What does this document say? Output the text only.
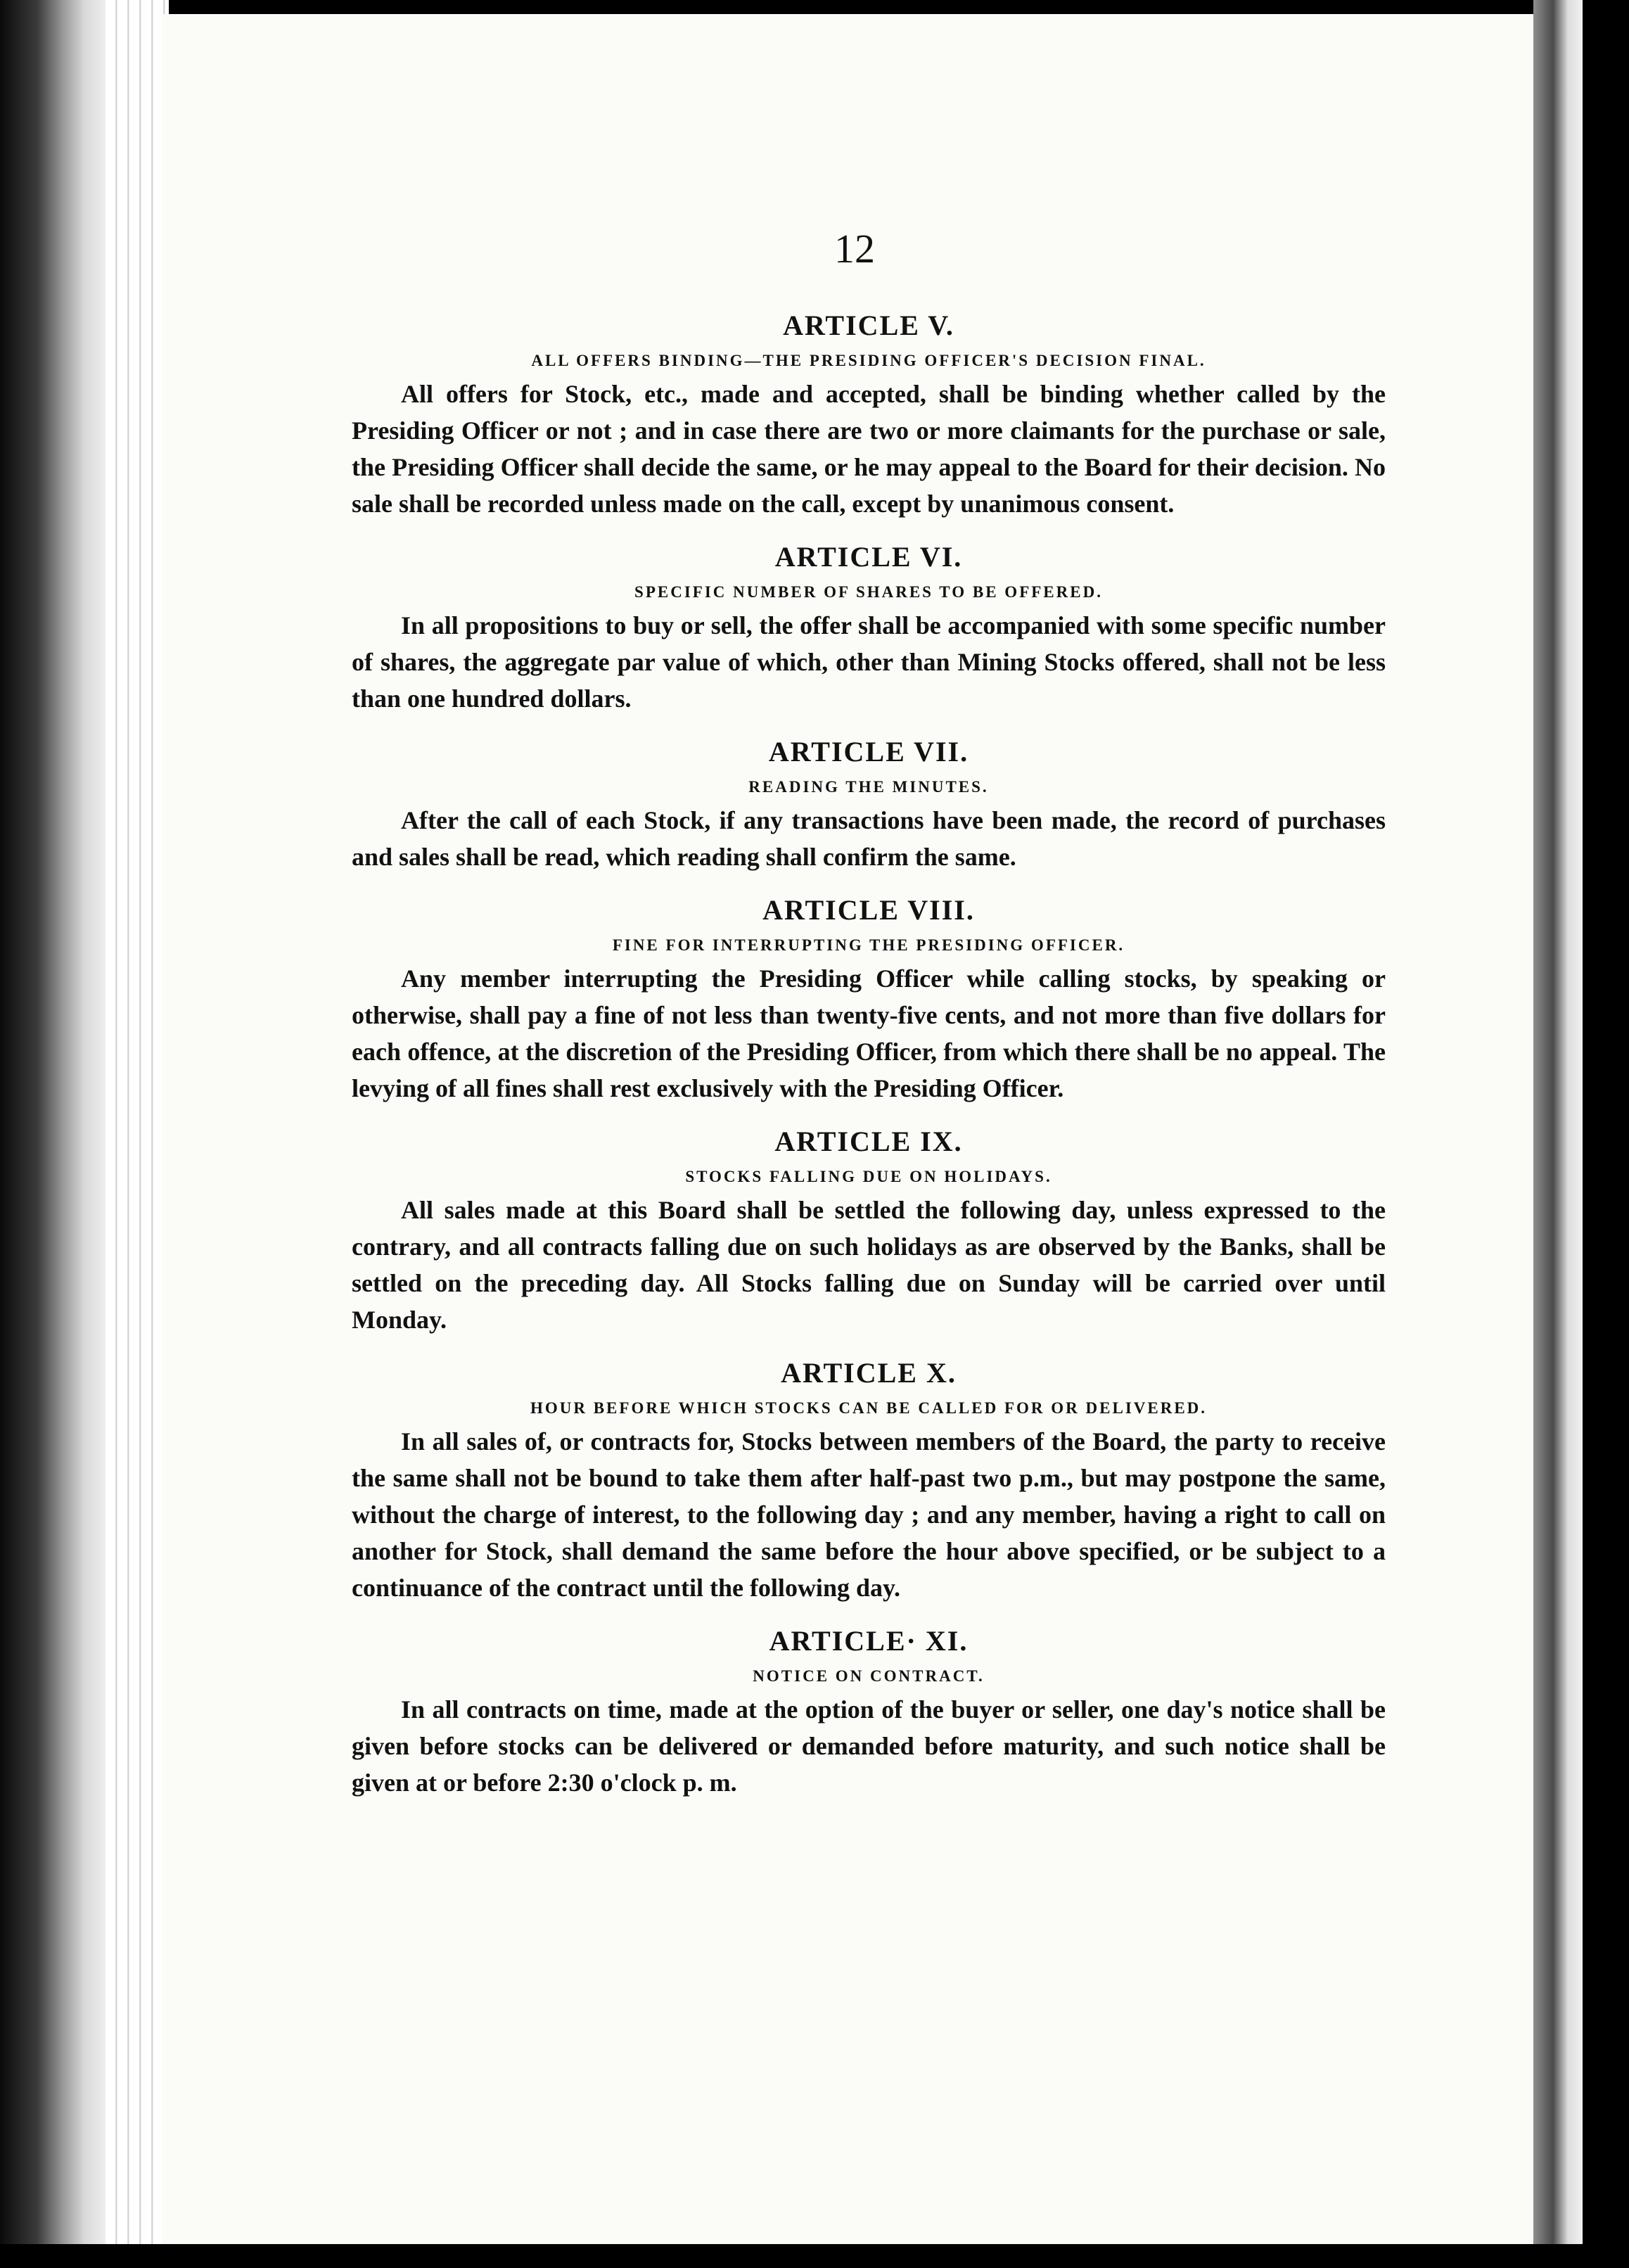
12
ARTICLE V.
ALL OFFERS BINDING—THE PRESIDING OFFICER'S DECISION FINAL.

All offers for Stock, etc., made and accepted, shall be binding whether called by the Presiding Officer or not ; and in case there are two or more claimants for the purchase or sale, the Presiding Officer shall decide the same, or he may appeal to the Board for their decision. No sale shall be recorded unless made on the call, except by unanimous consent.

ARTICLE VI.
SPECIFIC NUMBER OF SHARES TO BE OFFERED.

In all propositions to buy or sell, the offer shall be accompanied with some specific number of shares, the aggregate par value of which, other than Mining Stocks offered, shall not be less than one hundred dollars.

ARTICLE VII.
READING THE MINUTES.

After the call of each Stock, if any transactions have been made, the record of purchases and sales shall be read, which reading shall confirm the same.

ARTICLE VIII.
FINE FOR INTERRUPTING THE PRESIDING OFFICER.

Any member interrupting the Presiding Officer while calling stocks, by speaking or otherwise, shall pay a fine of not less than twenty-five cents, and not more than five dollars for each offence, at the discretion of the Presiding Officer, from which there shall be no appeal. The levying of all fines shall rest exclusively with the Presiding Officer.

ARTICLE IX.
STOCKS FALLING DUE ON HOLIDAYS.

All sales made at this Board shall be settled the following day, unless expressed to the contrary, and all contracts falling due on such holidays as are observed by the Banks, shall be settled on the preceding day. All Stocks falling due on Sunday will be carried over until Monday.

ARTICLE X.
HOUR BEFORE WHICH STOCKS CAN BE CALLED FOR OR DELIVERED.

In all sales of, or contracts for, Stocks between members of the Board, the party to receive the same shall not be bound to take them after half-past two p.m., but may postpone the same, without the charge of interest, to the following day ; and any member, having a right to call on another for Stock, shall demand the same before the hour above specified, or be subject to a continuance of the contract until the following day.

ARTICLE· XI.
NOTICE ON CONTRACT.

In all contracts on time, made at the option of the buyer or seller, one day's notice shall be given before stocks can be delivered or demanded before maturity, and such notice shall be given at or before 2:30 o'clock p. m.
